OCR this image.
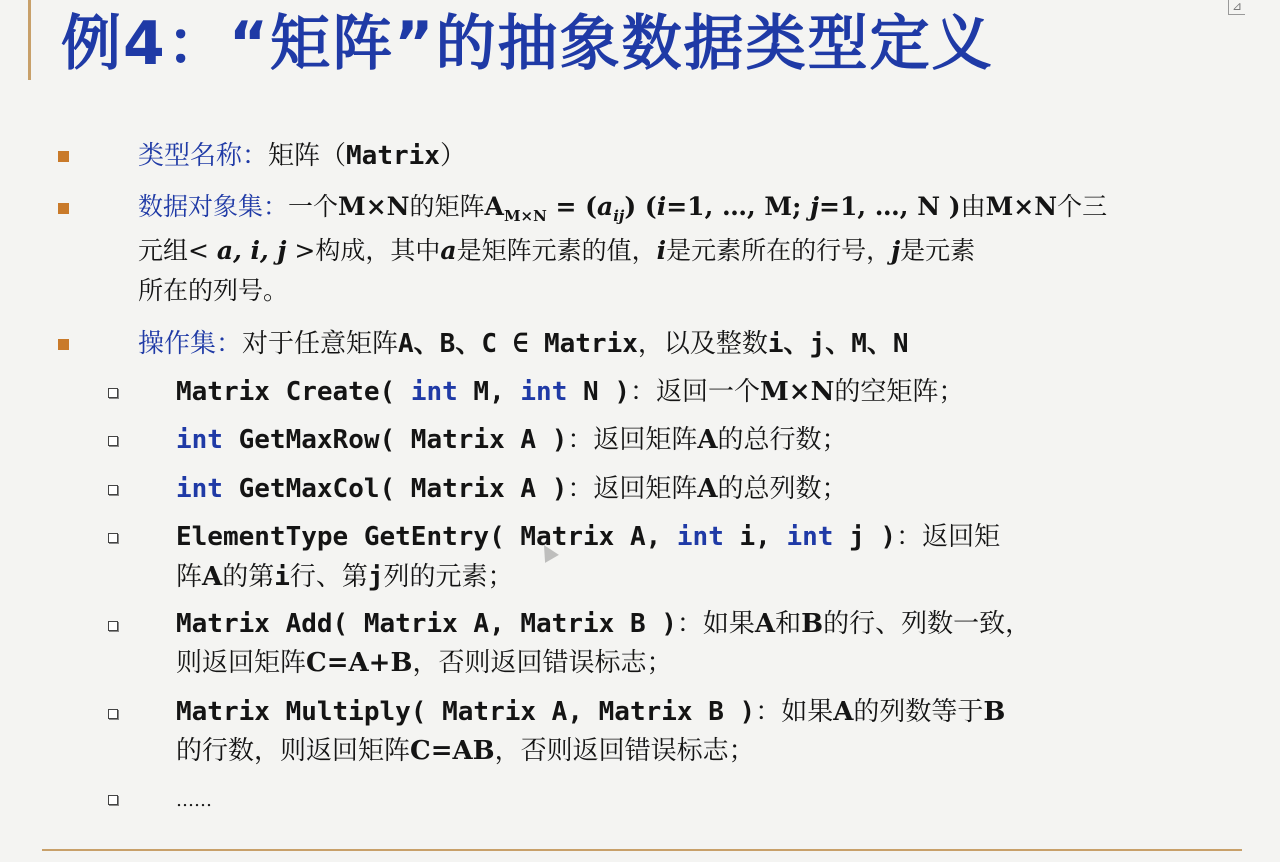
例4：“矩阵”的抽象数据类型定义
⊿
类型名称：矩阵（Matrix）
数据对象集：一个M×N的矩阵$A_{M\times N} = (a_{ij})$ (i=1, …, M; j=1, …, N )由M×N个三
元组< a, i, j >构成，其中a是矩阵元素的值，i是元素所在的行号，j是元素
所在的列号。
操作集：对于任意矩阵A、B、C ∈ Matrix，以及整数i、j、M、N
Matrix Create( int M, int N )：返回一个M×N的空矩阵；
int GetMaxRow( Matrix A )：返回矩阵A的总行数；
int GetMaxCol( Matrix A )：返回矩阵A的总列数；
ElementType GetEntry( Matrix A, int i, int j )：返回矩
阵A的第i行、第j列的元素；
Matrix Add( Matrix A, Matrix B )：如果A和B的行、列数一致，
则返回矩阵C=A+B，否则返回错误标志；
Matrix Multiply( Matrix A, Matrix B )：如果A的列数等于B
的行数，则返回矩阵C=AB，否则返回错误标志；
……
